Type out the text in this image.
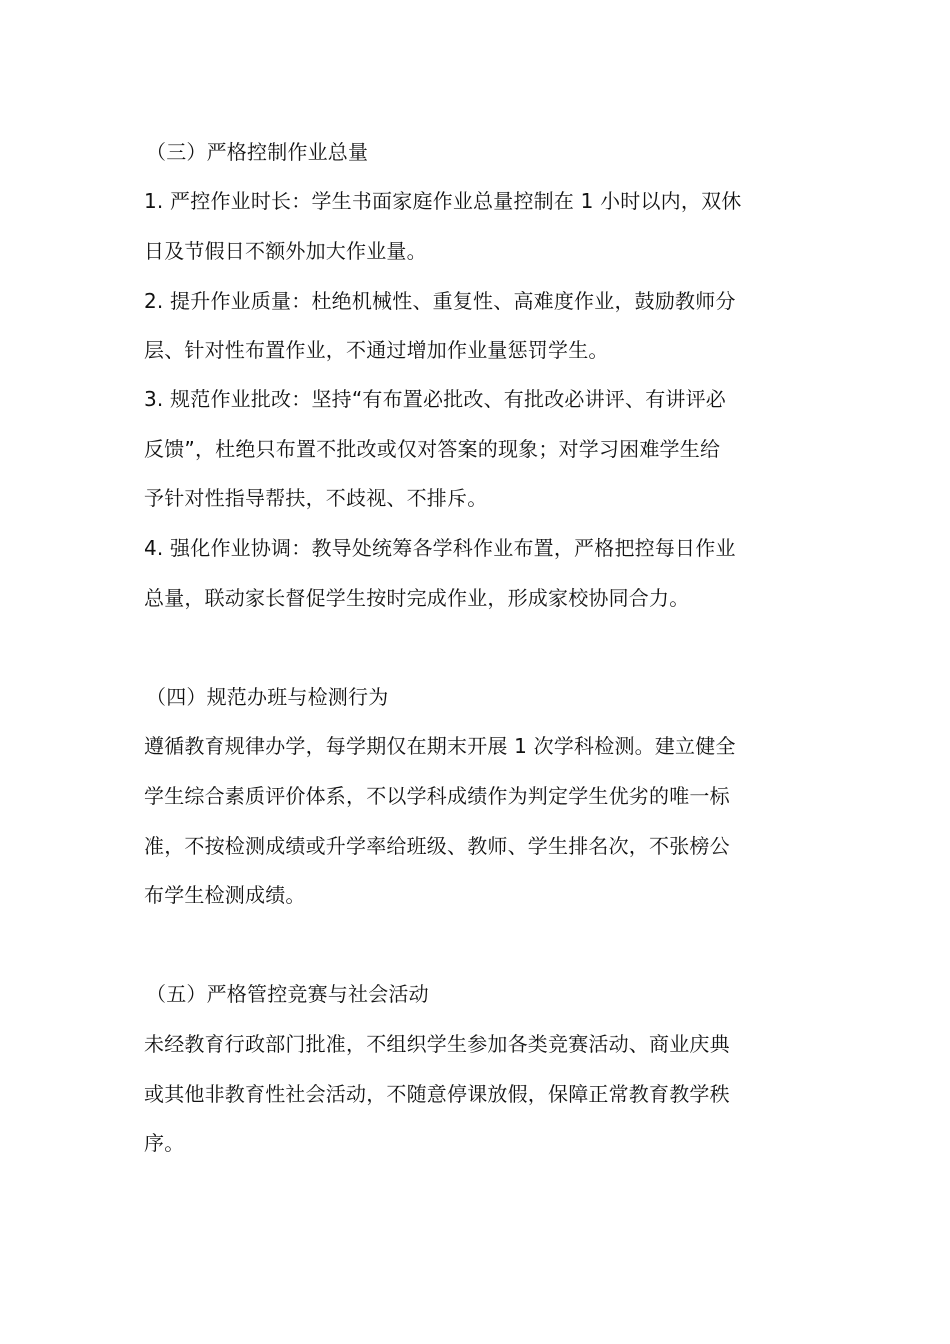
（三）严格控制作业总量
1. 严控作业时长：学生书面家庭作业总量控制在 1 小时以内，双休
日及节假日不额外加大作业量。
2. 提升作业质量：杜绝机械性、重复性、高难度作业，鼓励教师分
层、针对性布置作业，不通过增加作业量惩罚学生。
3. 规范作业批改：坚持“有布置必批改、有批改必讲评、有讲评必
反馈”，杜绝只布置不批改或仅对答案的现象；对学习困难学生给
予针对性指导帮扶，不歧视、不排斥。
4. 强化作业协调：教导处统筹各学科作业布置，严格把控每日作业
总量，联动家长督促学生按时完成作业，形成家校协同合力。
（四）规范办班与检测行为
遵循教育规律办学，每学期仅在期末开展 1 次学科检测。建立健全
学生综合素质评价体系，不以学科成绩作为判定学生优劣的唯一标
准，不按检测成绩或升学率给班级、教师、学生排名次，不张榜公
布学生检测成绩。
（五）严格管控竞赛与社会活动
未经教育行政部门批准，不组织学生参加各类竞赛活动、商业庆典
或其他非教育性社会活动，不随意停课放假，保障正常教育教学秩
序。
